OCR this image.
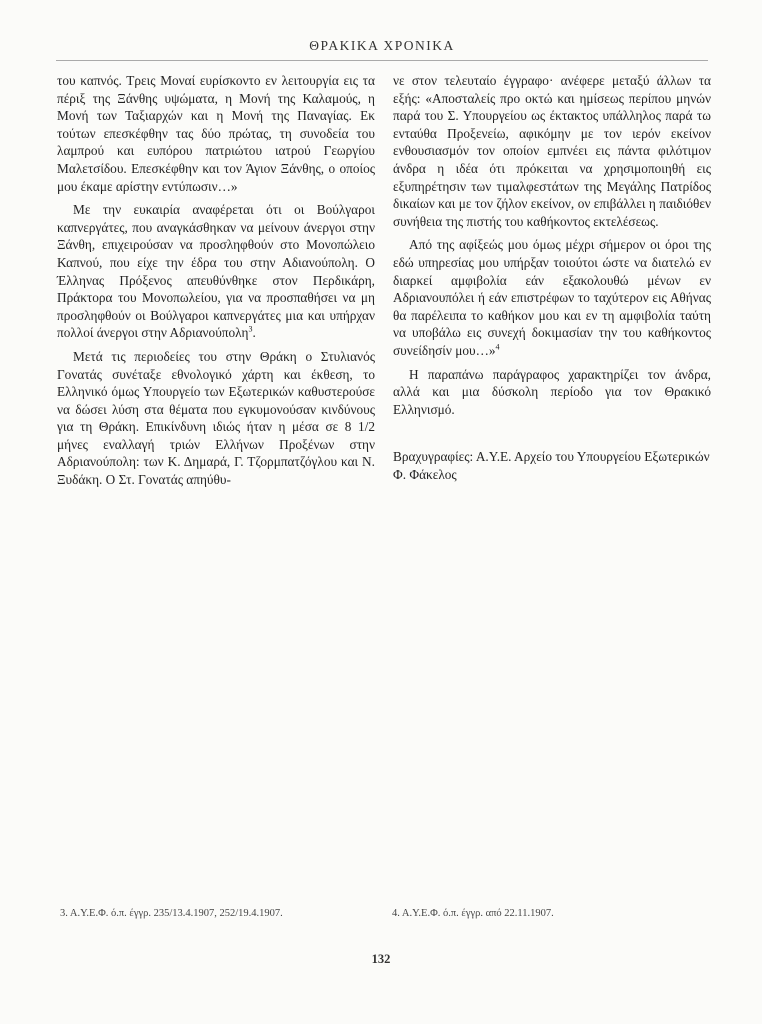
ΘΡΑΚΙΚΑ ΧΡΟΝΙΚΑ

του καπνός. Τρεις Μοναί ευρίσκοντο εν λειτουργία εις τα πέριξ της Ξάνθης υψώματα, η Μονή της Καλαμούς, η Μονή των Ταξιαρχών και η Μονή της Παναγίας. Εκ τούτων επεσκέφθην τας δύο πρώτας, τη συνοδεία του λαμπρού και ευπόρου πατριώτου ιατρού Γεωργίου Μαλετσίδου. Επεσκέφθην και τον Άγιον Ξάνθης, ο οποίος μου έκαμε αρίστην εντύπωσιν…»

Με την ευκαιρία αναφέρεται ότι οι Βούλγαροι καπνεργάτες, που αναγκάσθηκαν να μείνουν άνεργοι στην Ξάνθη, επιχειρούσαν να προσληφθούν στο Μονοπώλειο Καπνού, που είχε την έδρα του στην Αδιανούπολη. Ο Έλληνας Πρόξενος απευθύνθηκε στον Περδικάρη, Πράκτορα του Μονοπωλείου, για να προσπαθήσει να μη προσληφθούν οι Βούλγαροι καπνεργάτες μια και υπήρχαν πολλοί άνεργοι στην Αδριανούπολη$^3$.

Μετά τις περιοδείες του στην Θράκη ο Στυλιανός Γονατάς συνέταξε εθνολογικό χάρτη και έκθεση, το Ελληνικό όμως Υπουργείο των Εξωτερικών καθυστερούσε να δώσει λύση στα θέματα που εγκυμονούσαν κινδύνους για τη Θράκη. Επικίνδυνη ιδιώς ήταν η μέσα σε 8 1/2 μήνες εναλλαγή τριών Ελλήνων Προξένων στην Αδριανούπολη: των Κ. Δημαρά, Γ. Τζορμπατζόγλου και Ν. Ξυδάκη. Ο Στ. Γονατάς απηύθυ-

νε στον τελευταίο έγγραφο· ανέφερε μεταξύ άλλων τα εξής: «Αποσταλείς προ οκτώ και ημίσεως περίπου μηνών παρά του Σ. Υπουργείου ως έκτακτος υπάλληλος παρά τω ενταύθα Προξενείω, αφικόμην με τον ιερόν εκείνον ενθουσιασμόν τον οποίον εμπνέει εις πάντα φιλότιμον άνδρα η ιδέα ότι πρόκειται να χρησιμοποιηθή εις εξυπηρέτησιν των τιμαλφεστάτων της Μεγάλης Πατρίδος δικαίων και με τον ζήλον εκείνον, ον επιβάλλει η παιδιόθεν συνήθεια της πιστής του καθήκοντος εκτελέσεως.

Από της αφίξεώς μου όμως μέχρι σήμερον οι όροι της εδώ υπηρεσίας μου υπήρξαν τοιούτοι ώστε να διατελώ εν διαρκεί αμφιβολία εάν εξακολουθώ μένων εν Αδριανουπόλει ή εάν επιστρέφων το ταχύτερον εις Αθήνας θα παρέλειπα το καθήκον μου και εν τη αμφιβολία ταύτη να υποβάλω εις συνεχή δοκιμασίαν την του καθήκοντος συνείδησίν μου…»$^4$

Η παραπάνω παράγραφος χαρακτηρίζει τον άνδρα, αλλά και μια δύσκολη περίοδο για τον Θρακικό Ελληνισμό.

Βραχυγραφίες: Α.Υ.Ε. Αρχείο του Υπουργείου Εξωτερικών
Φ. Φάκελος
3. Α.Υ.Ε.Φ. ό.π. έγγρ. 235/13.4.1907, 252/19.4.1907.	4. Α.Υ.Ε.Φ. ό.π. έγγρ. από 22.11.1907.
132
